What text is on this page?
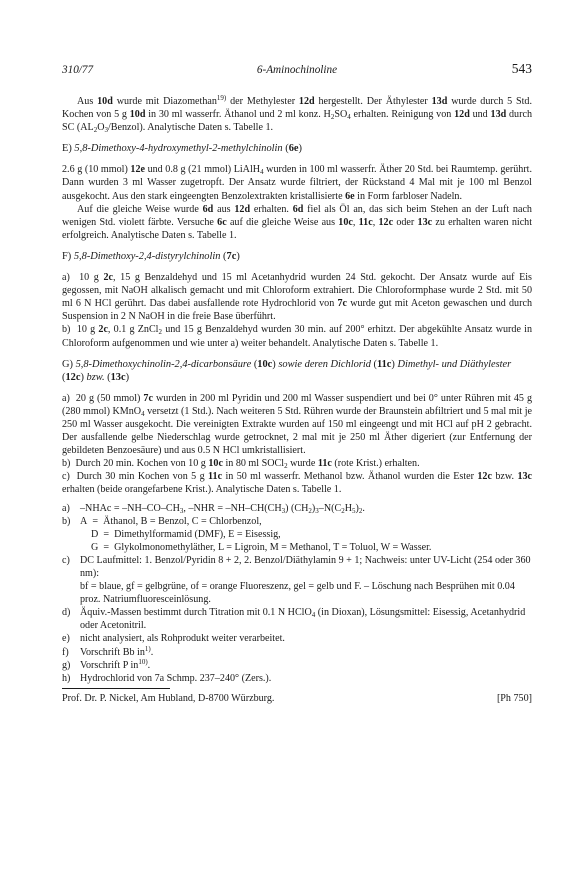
310/77	6-Aminochinoline	543

Aus 10d wurde mit Diazomethan$^{19)}$ der Methylester 12d hergestellt. Der Äthylester 13d wurde durch 5 Std. Kochen von 5 g 10d in 30 ml wasserfr. Äthanol und 2 ml konz. $H_2SO_4$ erhalten. Reinigung von 12d und 13d durch SC $(AL_2O_3/Benzol)$. Analytische Daten s. Tabelle 1.

E) 5,8-Dimethoxy-4-hydroxymethyl-2-methylchinolin (6e)

2.6 g (10 mmol) 12e und 0.8 g (21 mmol) LiAlH$_4$ wurden in 100 ml wasserfr. Äther 20 Std. bei Raumtemp. gerührt. Dann wurden 3 ml Wasser zugetropft. Der Ansatz wurde filtriert, der Rückstand 4 Mal mit je 100 ml Benzol ausgekocht. Aus den stark eingeengten Benzolextrakten kristallisierte 6e in Form farbloser Nadeln.

Auf die gleiche Weise wurde 6d aus 12d erhalten. 6d fiel als Öl an, das sich beim Stehen an der Luft nach wenigen Std. violett färbte. Versuche 6c auf die gleiche Weise aus 10c, 11c, 12c oder 13c zu erhalten waren nicht erfolgreich. Analytische Daten s. Tabelle 1.

F) 5,8-Dimethoxy-2,4-distyrylchinolin (7c)

a)  10 g 2c, 15 g Benzaldehyd und 15 ml Acetanhydrid wurden 24 Std. gekocht. Der Ansatz wurde auf Eis gegossen, mit NaOH alkalisch gemacht und mit Chloroform extrahiert. Die Chloroformphase wurde 2 Std. mit 50 ml 6 N HCl gerührt. Das dabei ausfallende rote Hydrochlorid von 7c wurde gut mit Aceton gewaschen und durch Suspension in 2 N NaOH in die freie Base überführt.

b)  10 g 2c, 0.1 g ZnCl$_2$ und 15 g Benzaldehyd wurden 30 min. auf 200° erhitzt. Der abgekühlte Ansatz wurde in Chloroform aufgenommen und wie unter a) weiter behandelt. Analytische Daten s. Tabelle 1.

G) 5,8-Dimethoxychinolin-2,4-dicarbonsäure (10c) sowie deren Dichlorid (11c) Dimethyl- und Diäthylester (12c) bzw. (13c)

a)  20 g (50 mmol) 7c wurden in 200 ml Pyridin und 200 ml Wasser suspendiert und bei 0° unter Rühren mit 45 g (280 mmol) KMnO$_4$ versetzt (1 Std.). Nach weiteren 5 Std. Rühren wurde der Braunstein abfiltriert und 5 mal mit je 250 ml Wasser ausgekocht. Die vereinigten Extrakte wurden auf 150 ml eingeengt und mit HCl auf pH 2 gebracht. Der ausfallende gelbe Niederschlag wurde getrocknet, 2 mal mit je 250 ml Äther digeriert (zur Entfernung der gebildeten Benzoesäure) und aus 0.5 N HCl umkristallisiert.

b)  Durch 20 min. Kochen von 10 g 10c in 80 ml SOCl$_2$ wurde 11c (rote Krist.) erhalten.

c)  Durch 30 min Kochen von 5 g 11c in 50 ml wasserfr. Methanol bzw. Äthanol wurden die Ester 12c bzw. 13c erhalten (beide orangefarbene Krist.). Analytische Daten s. Tabelle 1.

a) –NHAc = $-NH-CO-CH_3$, $-NHR = -NH-CH(CH_3)$ $(CH_2)_3-N(C_2H_5)_2$.

b) A  =  Äthanol, B = Benzol, C = Chlorbenzol,
D  =  Dimethylformamid (DMF), E = Eisessig,
G  =  Glykolmonomethyläther, L = Ligroin, M = Methanol, T = Toluol, W = Wasser.

c) DC Laufmittel: 1. Benzol/Pyridin 8 + 2, 2. Benzol/Diäthylamin 9 + 1; Nachweis: unter UV-Licht (254 oder 360 nm):
bf = blaue, gf = gelbgrüne, of = orange Fluoreszenz, gel = gelb und F. – Löschung nach Besprühen mit 0.04 proz. Natriumfluoresceinlösung.

d) Äquiv.-Massen bestimmt durch Titration mit 0.1 N HClO$_4$ (in Dioxan), Lösungsmittel: Eisessig, Acetanhydrid oder Acetonitril.

e) nicht analysiert, als Rohprodukt weiter verarbeitet.

f) Vorschrift Bb $in^{1)}$.

g) Vorschrift P $in^{10)}$.

h) Hydrochlorid von 7a Schmp. 237–240° (Zers.).

Prof. Dr. P. Nickel, Am Hubland, D-8700 Würzburg.	[Ph 750]
